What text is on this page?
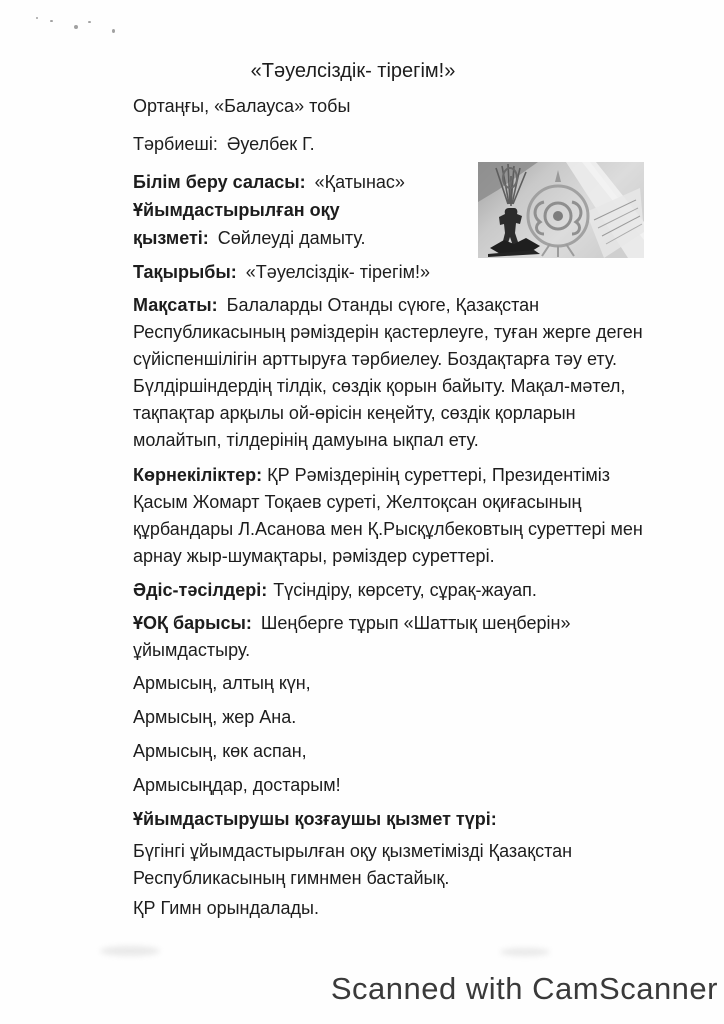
«Тәуелсіздік- тірегім!»

Ортаңғы, «Балауса» тобы

Тәрбиеші: Әуелбек Г.

Білім беру саласы: «Қатынас»

Ұйымдастырылған оқу

қызметі: Сөйлеуді дамыту.

Тақырыбы: «Тәуелсіздік- тірегім!»

Мақсаты: Балаларды Отанды сүюге, Қазақстан Республикасының рәміздерін қастерлеуге, туған жерге деген сүйіспеншілігін арттыруға тәрбиелеу. Боздақтарға тәу ету. Бүлдіршіндердің тілдік, сөздік қорын байыту. Мақал-мәтел, тақпақтар арқылы ой-өрісін кеңейту, сөздік қорларын молайтып, тілдерінің дамуына ықпал ету.

Көрнекіліктер: ҚР Рәміздерінің суреттері, Президентіміз Қасым Жомарт Тоқаев суреті, Желтоқсан оқиғасының құрбандары Л.Асанова мен Қ.Рысқұлбековтың суреттері мен арнау жыр-шумақтары, рәміздер суреттері.

Әдіс-тәсілдері: Түсіндіру, көрсету, сұрақ-жауап.

ҰОҚ барысы: Шеңберге тұрып «Шаттық шеңберін» ұйымдастыру.

Армысың, алтың күн,

Армысың, жер Ана.

Армысың, көк аспан,

Армысыңдар, достарым!

Ұйымдастырушы қозғаушы қызмет түрі:

Бүгінгі ұйымдастырылған оқу қызметімізді Қазақстан Республикасының гимнмен бастайық.

ҚР Гимн орындалады.

Scanned with CamScanner
